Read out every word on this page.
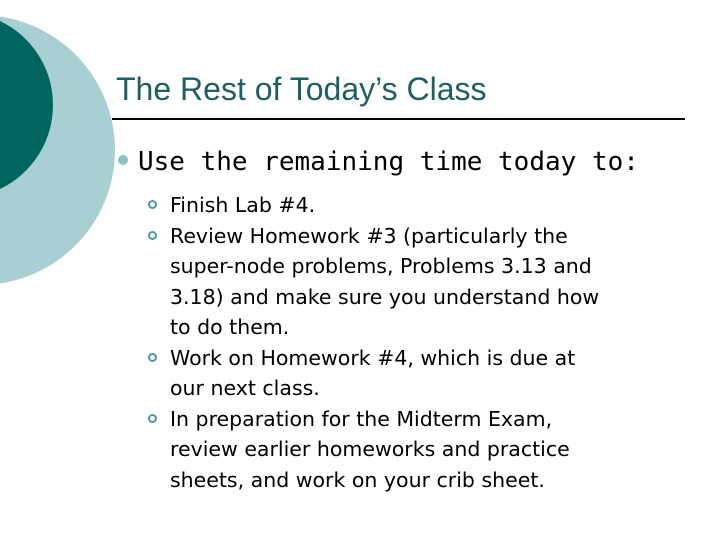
The Rest of Today’s Class
Use the remaining time today to:
Finish Lab #4.
Review Homework #3 (particularly the
super-node problems, Problems 3.13 and
3.18) and make sure you understand how
to do them.
Work on Homework #4, which is due at
our next class.
In preparation for the Midterm Exam,
review earlier homeworks and practice
sheets, and work on your crib sheet.
